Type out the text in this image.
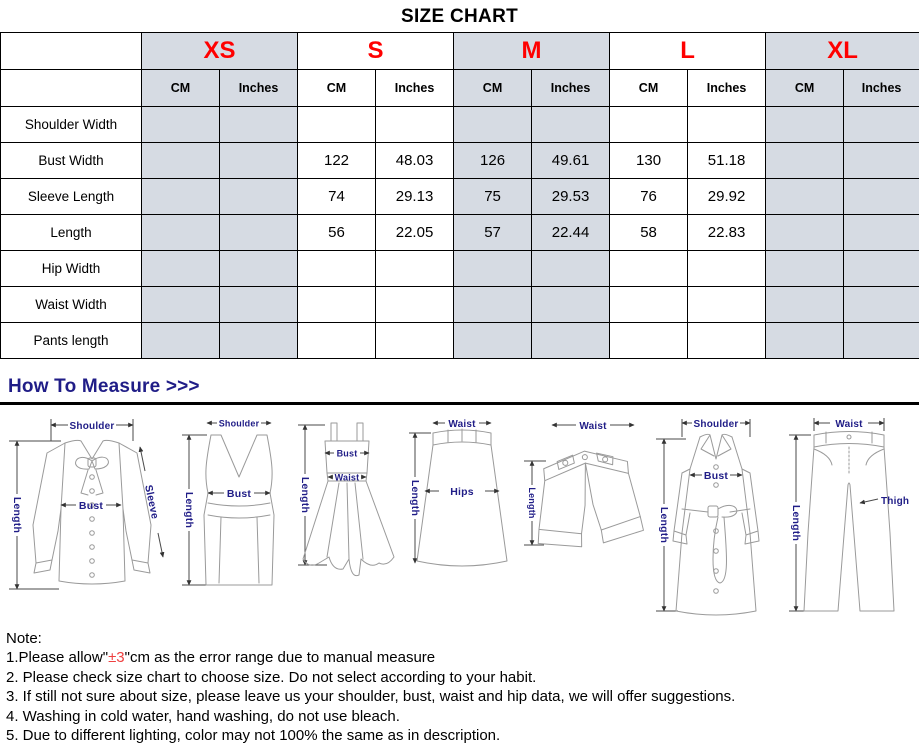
SIZE CHART
	XS		S		M		L		XL	
	CM	Inches	CM	Inches	CM	Inches	CM	Inches	CM	Inches
Shoulder Width										
Bust Width			122	48.03	126	49.61	130	51.18		
Sleeve Length			74	29.13	75	29.53	76	29.92		
Length			56	22.05	57	22.44	58	22.83		
Hip Width										
Waist Width										
Pants length										
How To Measure >>>
Shoulder
Length	Bust	Sleeve
Shoulder
Length	Bust	Length
Bust
Waist
Waist
Length	Hips
Waist
Length
Shoulder
Length
Bust
Waist
Length
Thigh
Note:
1.Please allow"±3"cm as the error range due to manual measure
2. Please check size chart to choose size. Do not select according to your habit.
3. If still not sure about size, please leave us your shoulder, bust, waist and hip data, we will offer suggestions.
4. Washing in cold water, hand washing, do not use bleach.
5. Due to different lighting, color may not 100% the same as in description.
